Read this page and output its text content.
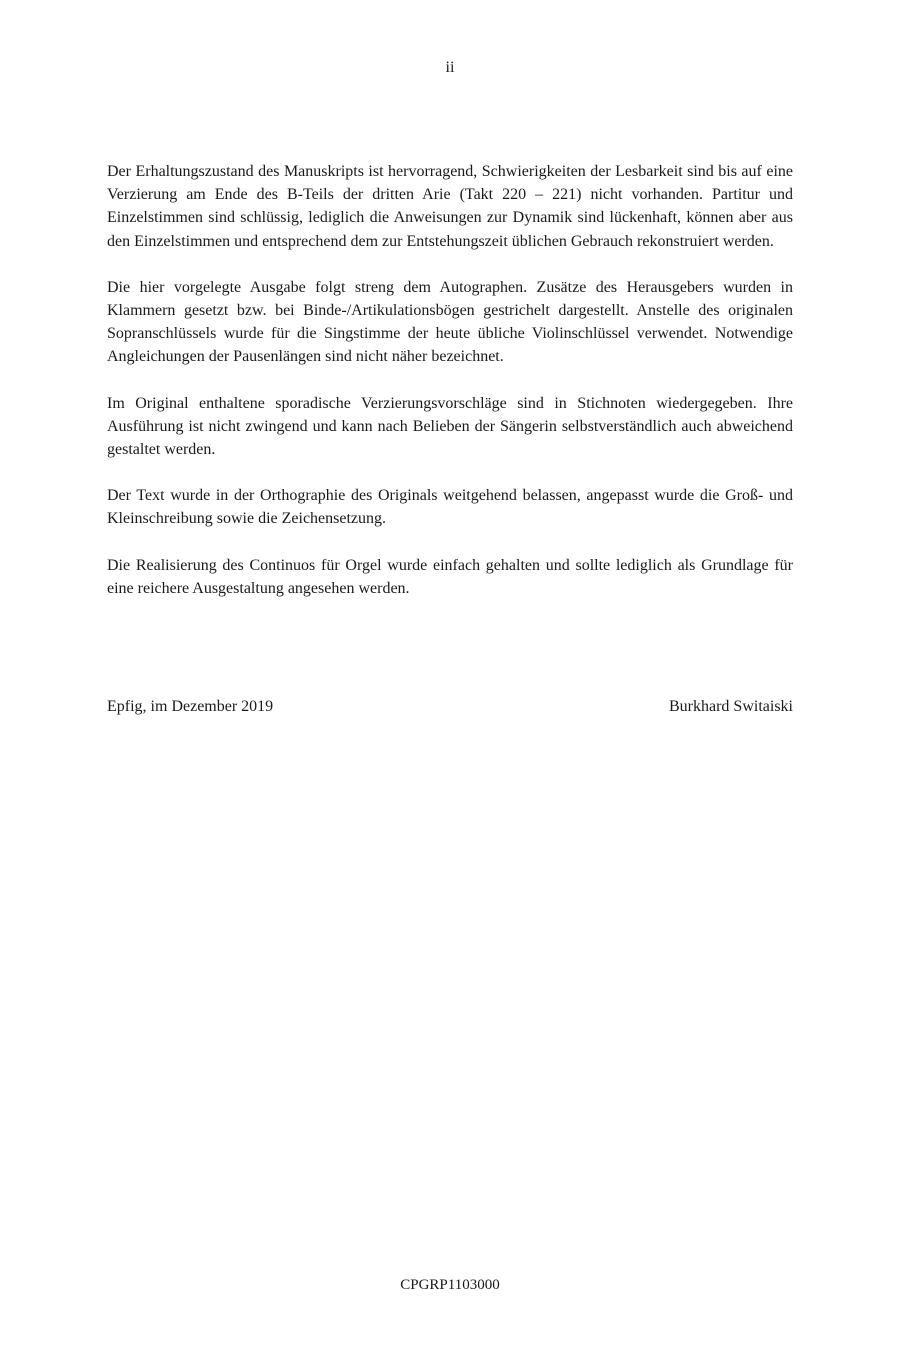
ii

Der Erhaltungszustand des Manuskripts ist hervorragend, Schwierigkeiten der Lesbarkeit sind bis auf eine Verzierung am Ende des B-Teils der dritten Arie (Takt 220 – 221) nicht vorhanden. Partitur und Einzelstimmen sind schlüssig, lediglich die Anweisungen zur Dynamik sind lückenhaft, können aber aus den Einzelstimmen und entsprechend dem zur Entstehungszeit üblichen Gebrauch rekonstruiert werden.

Die hier vorgelegte Ausgabe folgt streng dem Autographen. Zusätze des Herausgebers wurden in Klammern gesetzt bzw. bei Binde-/Artikulationsbögen gestrichelt dargestellt. Anstelle des originalen Sopranschlüssels wurde für die Singstimme der heute übliche Violinschlüssel verwendet. Notwendige Angleichungen der Pausenlängen sind nicht näher bezeichnet.

Im Original enthaltene sporadische Verzierungsvorschläge sind in Stichnoten wiedergegeben. Ihre Ausführung ist nicht zwingend und kann nach Belieben der Sängerin selbstverständlich auch abweichend gestaltet werden.

Der Text wurde in der Orthographie des Originals weitgehend belassen, angepasst wurde die Groß- und Kleinschreibung sowie die Zeichensetzung.

Die Realisierung des Continuos für Orgel wurde einfach gehalten und sollte lediglich als Grundlage für eine reichere Ausgestaltung angesehen werden.

Epfig, im Dezember 2019	Burkhard Switaiski
CPGRP1103000
